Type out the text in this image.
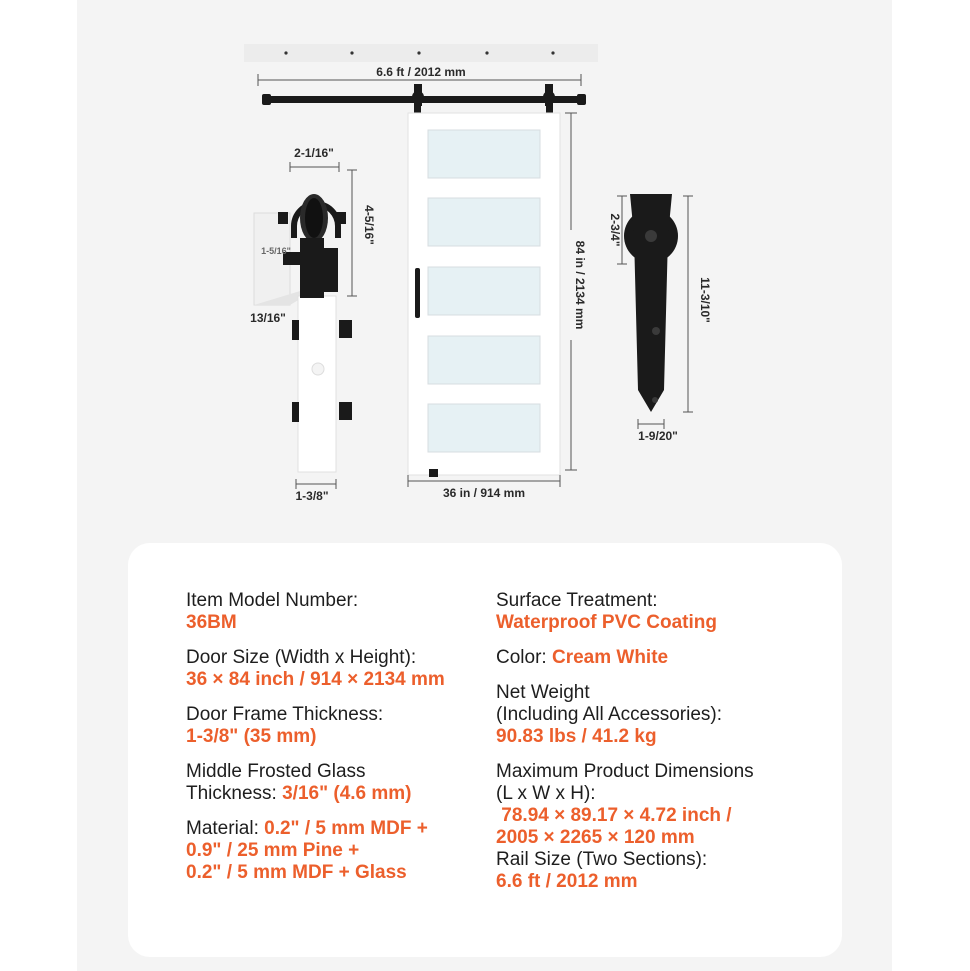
6.6 ft / 2012 mm
84 in / 2134 mm
36 in / 914 mm
2-1/16"
4-5/16"
1-5/16"
13/16"
1-3/8"
2-3/4"
11-3/10"
1-9/20"
Item Model Number:
36BM
Door Size (Width x Height):
36 × 84 inch / 914 × 2134 mm
Door Frame Thickness:
1-3/8" (35 mm)
Middle Frosted Glass
Thickness: 3/16" (4.6 mm)
Material: 0.2" / 5 mm MDF +
0.9" / 25 mm Pine +
0.2" / 5 mm MDF + Glass
Surface Treatment:
Waterproof PVC Coating
Color: Cream White
Net Weight
(Including All Accessories):
90.83 lbs / 41.2 kg
Maximum Product Dimensions
(L x W x H):
78.94 × 89.17 × 4.72 inch /
2005 × 2265 × 120 mm
Rail Size (Two Sections):
6.6 ft / 2012 mm
